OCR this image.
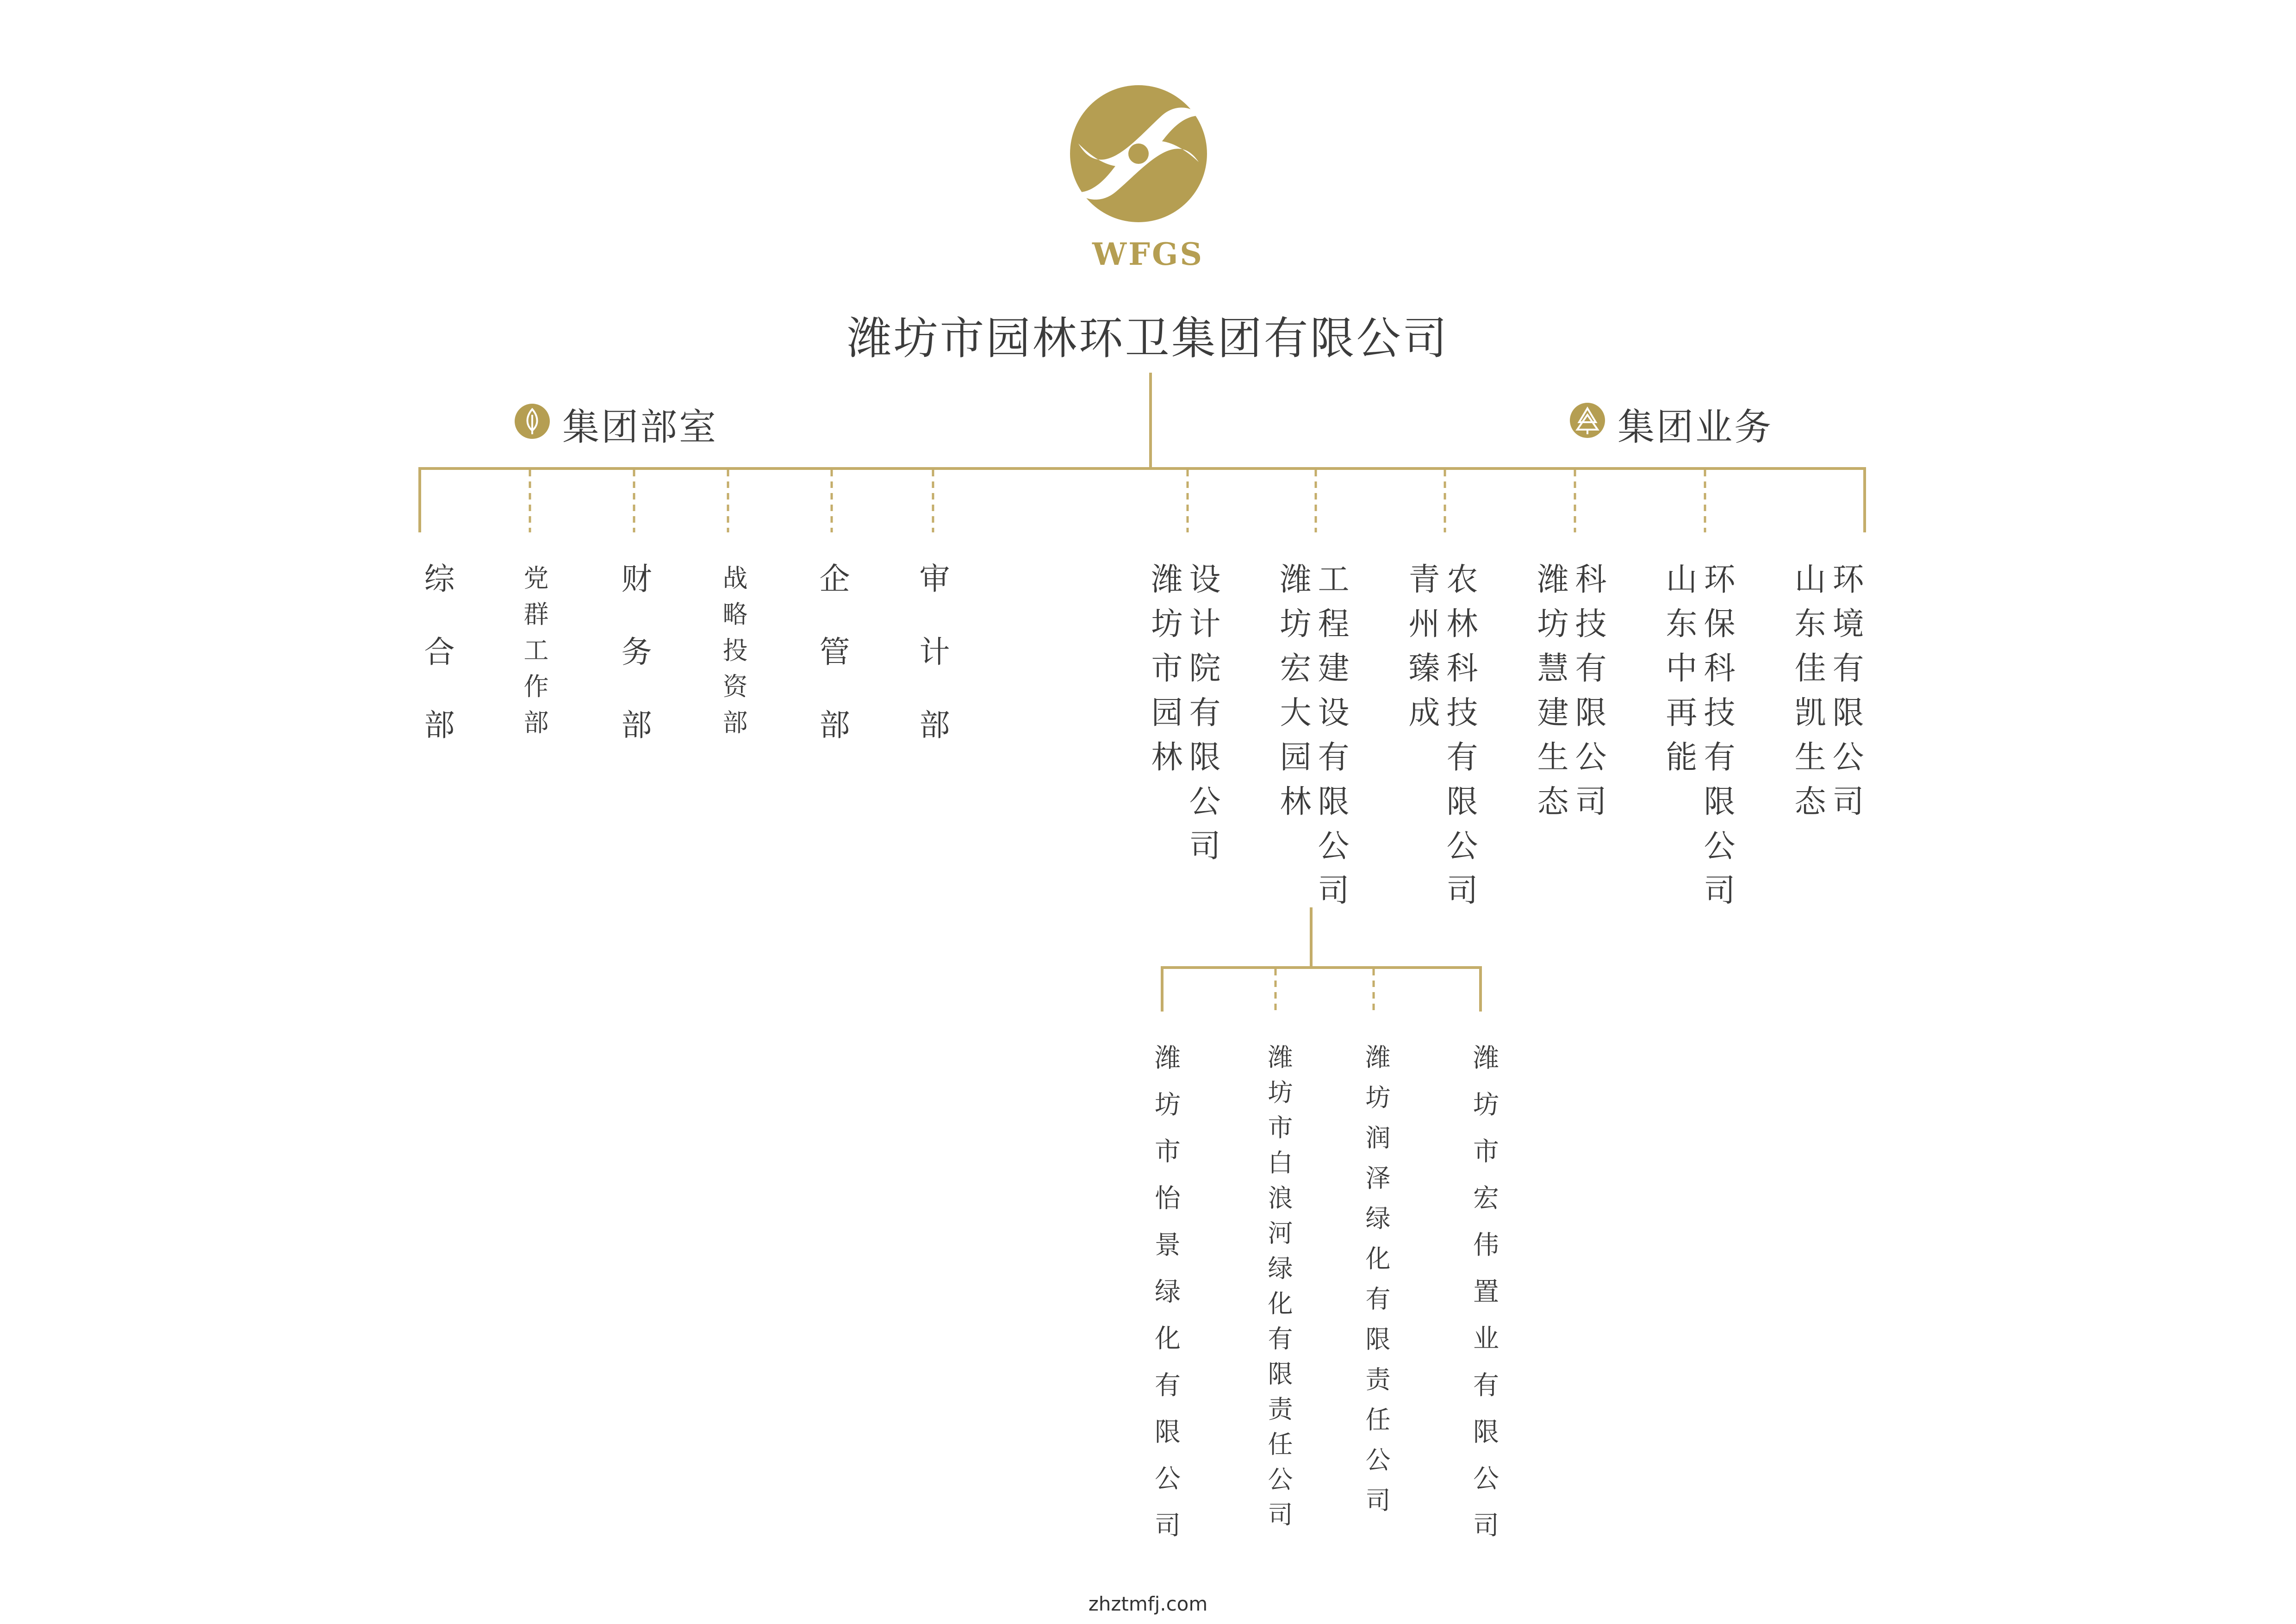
WFGS
潍坊市园林环卫集团有限公司
集团部室	集团业务
综合部	党群工作部 财务部	战略投资部 企管部 审计部	设计院有限公司
潍坊市园林	工程建设有限公司
潍坊宏大园林	农林科技有限公司
青州臻成	科技有限公司
潍坊慧建生态	环保科技有限公司
山东中再能	环境有限公司
山东佳凯生态
潍坊市怡景绿化有限公司	潍坊市白浪河绿化有限责任公司	潍坊润泽绿化有限责任公司	潍坊市宏伟置业有限公司
zhztmfj.com
